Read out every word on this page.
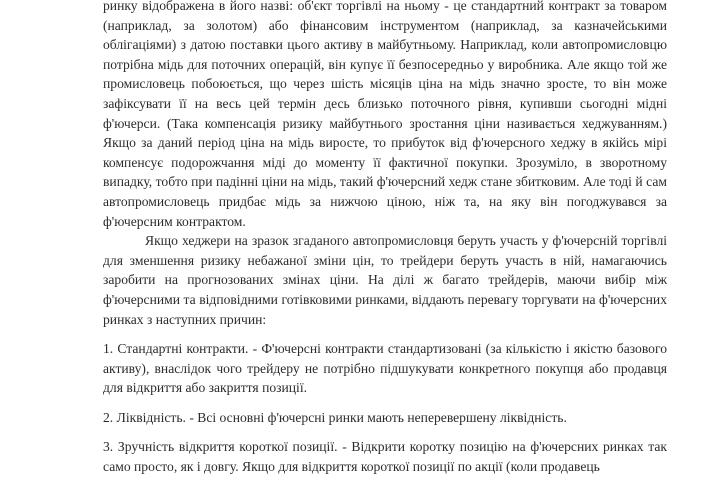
ринку відображена в його назві: об'єкт торгівлі на ньому - це стандартний контракт за товаром (наприклад, за золотом) або фінансовим інструментом (наприклад, за казначейськими облігаціями) з датою поставки цього активу в майбутньому. Наприклад, коли автопромисловцю потрібна мідь для поточних операцій, він купує її безпосередньо у виробника. Але якщо той же промисловець побоюється, що через шість місяців ціна на мідь значно зросте, то він може зафіксувати її на весь цей термін десь близько поточного рівня, купивши сьогодні мідні ф'ючерси. (Така компенсація ризику майбутнього зростання ціни називається хеджуванням.) Якщо за даний період ціна на мідь виросте, то прибуток від ф'ючерсного хеджу в якійсь мірі компенсує подорожчання міді до моменту її фактичної покупки. Зрозуміло, в зворотному випадку, тобто при падінні ціни на мідь, такий ф'ючерсний хедж стане збитковим. Але тоді й сам автопромисловець придбає мідь за нижчою ціною, ніж та, на яку він погоджувався за ф'ючерсним контрактом.

Якщо хеджери на зразок згаданого автопромисловця беруть участь у ф'ючерсній торгівлі для зменшення ризику небажаної зміни цін, то трейдери беруть участь в ній, намагаючись заробити на прогнозованих змінах ціни. На ділі ж багато трейдерів, маючи вибір між ф'ючерсними та відповідними готівковими ринками, віддають перевагу торгувати на ф'ючерсних ринках з наступних причин:

1. Стандартні контракти. - Ф'ючерсні контракти стандартизовані (за кількістю і якістю базового активу), внаслідок чого трейдеру не потрібно підшукувати конкретного покупця або продавця для відкриття або закриття позиції.

2. Ліквідність. - Всі основні ф'ючерсні ринки мають неперевершену ліквідність.

3. Зручність відкриття короткої позиції. - Відкрити коротку позицію на ф'ючерсних ринках так само просто, як і довгу. Якщо для відкриття короткої позиції по акції (коли продавець
